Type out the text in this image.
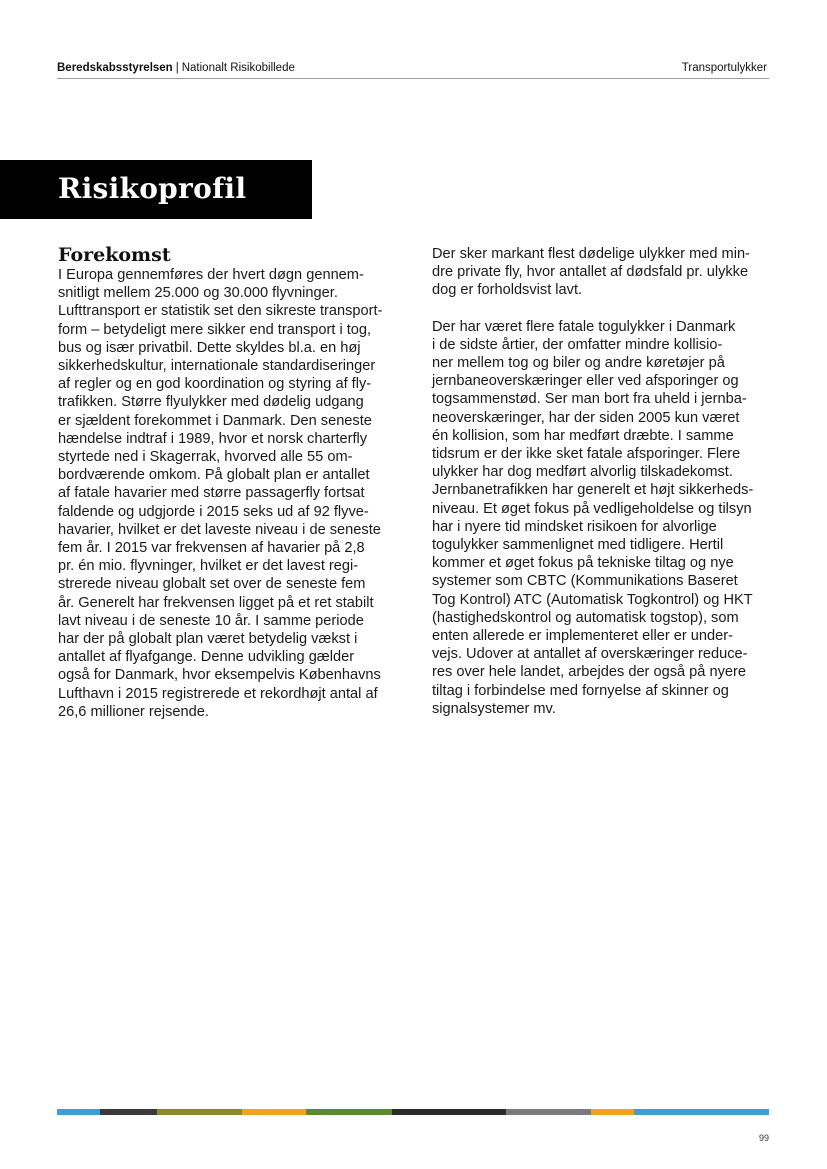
Beredskabsstyrelsen | Nationalt Risikobillede	Transportulykker
Risikoprofil
Forekomst

I Europa gennemføres der hvert døgn gennem-
snitligt mellem 25.000 og 30.000 flyvninger.
Lufttransport er statistik set den sikreste transport-
form – betydeligt mere sikker end transport i tog,
bus og især privatbil. Dette skyldes bl.a. en høj
sikkerhedskultur, internationale standardiseringer
af regler og en god koordination og styring af fly-
trafikken. Større flyulykker med dødelig udgang
er sjældent forekommet i Danmark. Den seneste
hændelse indtraf i 1989, hvor et norsk charterfly
styrtede ned i Skagerrak, hvorved alle 55 om-
bordværende omkom. På globalt plan er antallet
af fatale havarier med større passagerfly fortsat
faldende og udgjorde i 2015 seks ud af 92 flyve-
havarier, hvilket er det laveste niveau i de seneste
fem år. I 2015 var frekvensen af havarier på 2,8
pr. én mio. flyvninger, hvilket er det lavest regi-
strerede niveau globalt set over de seneste fem
år. Generelt har frekvensen ligget på et ret stabilt
lavt niveau i de seneste 10 år. I samme periode
har der på globalt plan været betydelig vækst i
antallet af flyafgange. Denne udvikling gælder
også for Danmark, hvor eksempelvis Københavns
Lufthavn i 2015 registrerede et rekordhøjt antal af
26,6 millioner rejsende.

Der sker markant flest dødelige ulykker med min-
dre private fly, hvor antallet af dødsfald pr. ulykke
dog er forholdsvist lavt.

Der har været flere fatale togulykker i Danmark
i de sidste årtier, der omfatter mindre kollisio-
ner mellem tog og biler og andre køretøjer på
jernbaneoverskæringer eller ved afsporinger og
togsammenstød. Ser man bort fra uheld i jernba-
neoverskæringer, har der siden 2005 kun været
én kollision, som har medført dræbte. I samme
tidsrum er der ikke sket fatale afsporinger. Flere
ulykker har dog medført alvorlig tilskadekomst.
Jernbanetrafikken har generelt et højt sikkerheds-
niveau. Et øget fokus på vedligeholdelse og tilsyn
har i nyere tid mindsket risikoen for alvorlige
togulykker sammenlignet med tidligere. Hertil
kommer et øget fokus på tekniske tiltag og nye
systemer som CBTC (Kommunikations Baseret
Tog Kontrol) ATC (Automatisk Togkontrol) og HKT
(hastighedskontrol og automatisk togstop), som
enten allerede er implementeret eller er under-
vejs. Udover at antallet af overskæringer reduce-
res over hele landet, arbejdes der også på nyere
tiltag i forbindelse med fornyelse af skinner og
signalsystemer mv.

99
